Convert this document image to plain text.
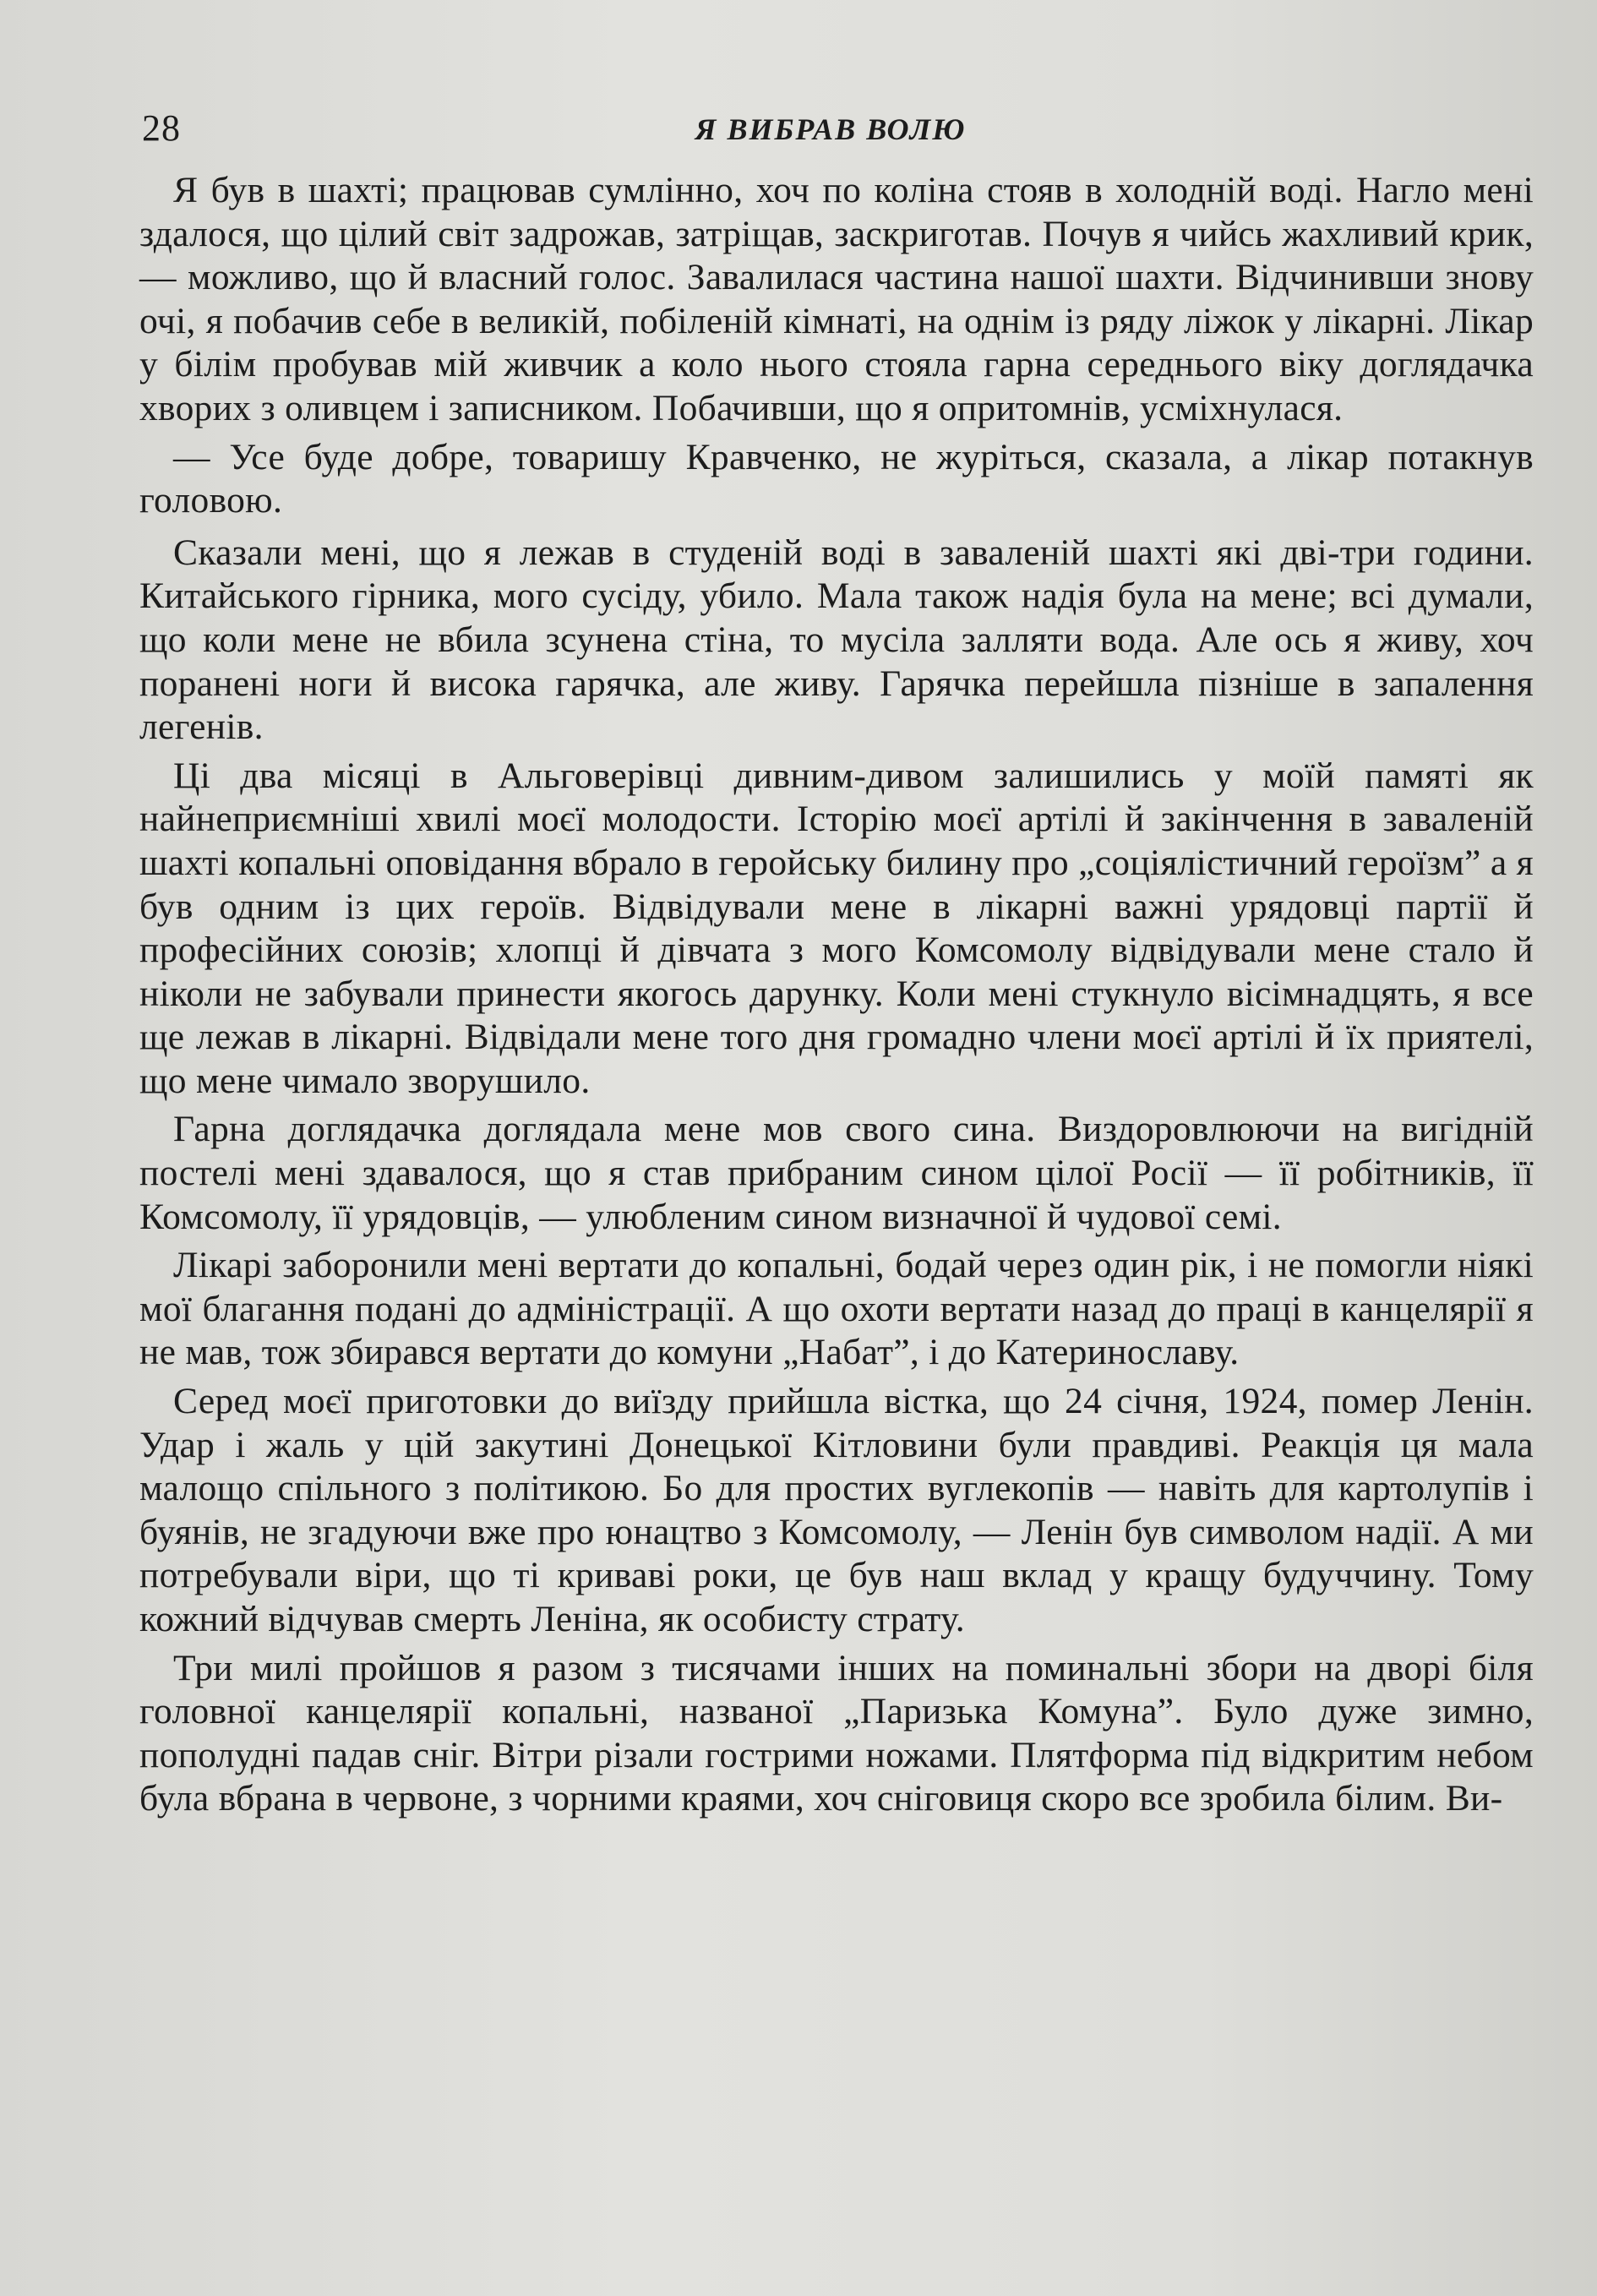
28	Я ВИБРАВ ВОЛЮ

Я був в шахті; працював сумлінно, хоч по коліна стояв в холодній воді. Нагло мені здалося, що цілий світ задрожав, затріщав, заскриготав. Почув я чийсь жахливий крик, — можливо, що й власний голос. Завалилася частина нашої шахти. Відчинивши знову очі, я побачив себе в великій, побіленій кімнаті, на однім із ряду ліжок у лікарні. Лікар у білім пробував мій живчик а коло нього стояла гарна середнього віку доглядачка хворих з оливцем і записником. Побачивши, що я опритомнів, усміхнулася.

— Усе буде добре, товаришу Кравченко, не журіться, сказала, а лікар потакнув головою.

Сказали мені, що я лежав в студеній воді в заваленій шахті які дві-три години. Китайського гірника, мого сусіду, убило. Мала також надія була на мене; всі думали, що коли мене не вбила зсунена стіна, то мусіла залляти вода. Але ось я живу, хоч поранені ноги й висока гарячка, але живу. Гарячка перейшла пізніше в запалення легенів.

Ці два місяці в Альговерівці дивним-дивом залишились у моїй памяті як найнеприємніші хвилі моєї молодости. Історію моєї артілі й закінчення в заваленій шахті копальні оповідання вбрало в геройську билину про „соціялістичний героїзм” а я був одним із цих героїв. Відвідували мене в лікарні важні урядовці партії й професійних союзів; хлопці й дівчата з мого Комсомолу відвідували мене стало й ніколи не забували принести якогось дарунку. Коли мені стукнуло вісімнадцять, я все ще лежав в лікарні. Відвідали мене того дня громадно члени моєї артілі й їх приятелі, що мене чимало зворушило.

Гарна доглядачка доглядала мене мов свого сина. Виздоровлюючи на вигідній постелі мені здавалося, що я став прибраним сином цілої Росії — її робітників, її Комсомолу, її урядовців, — улюбленим сином визначної й чудової семі.

Лікарі заборонили мені вертати до копальні, бодай через один рік, і не помогли ніякі мої благання подані до адміністрації. А що охоти вертати назад до праці в канцелярії я не мав, тож збирався вертати до комуни „Набат”, і до Катеринославу.

Серед моєї приготовки до виїзду прийшла вістка, що 24 січня, 1924, помер Ленін. Удар і жаль у цій закутині Донецької Кітловини були правдиві. Реакція ця мала малощо спільного з політикою. Бо для простих вуглекопів — навіть для картолупів і буянів, не згадуючи вже про юнацтво з Комсомолу, — Ленін був символом надії. А ми потребували віри, що ті криваві роки, це був наш вклад у кращу будуччину. Тому кожний відчував смерть Леніна, як особисту страту.

Три милі пройшов я разом з тисячами інших на поминальні збори на дворі біля головної канцелярії копальні, названої „Паризька Комуна”. Було дуже зимно, пополудні падав сніг. Вітри різали гострими ножами. Плятформа під відкритим небом була вбрана в червоне, з чорними краями, хоч сніговиця скоро все зробила білим. Ви-
